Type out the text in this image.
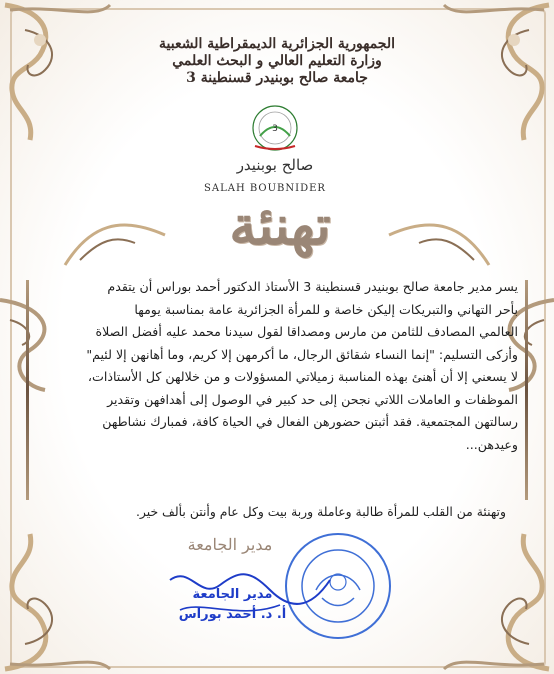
الجمهورية الجزائرية الديمقراطية الشعبية
وزارة التعليم العالي و البحث العلمي
جامعة صالح بوبنيدر قسنطينة 3
3
صالح بوبنيدر
SALAH BOUBNIDER
تهنئة

يسر مدير جامعة صالح بوبنيدر قسنطينة 3 الأستاذ الدكتور أحمد بوراس أن يتقدم

بأحر التهاني والتبريكات إليكن خاصة و للمرأة الجزائرية عامة بمناسبة يومها

العالمي المصادف للثامن من مارس ومصداقا لقول سيدنا محمد عليه أفضل الصلاة

وأزكى التسليم: "إنما النساء شقائق الرجال، ما أكرمهن إلا كريم، وما أهانهن إلا لئيم"

لا يسعني إلا أن أهنئ بهذه المناسبة زميلاتي المسؤولات و من خلالهن كل الأستاذات،

الموظفات و العاملات اللاتي نجحن إلى حد كبير في الوصول إلى أهدافهن وتقدير

رسالتهن المجتمعية. فقد أثبتن حضورهن الفعال في الحياة كافة، فمبارك نشاطهن

وعيدهن...

وتهنئة من القلب للمرأة طالبة وعاملة وربة بيت وكل عام وأنتن بألف خير.
مدير الجامعة
مدير الجامعة
أ. د. أحمد بوراس
